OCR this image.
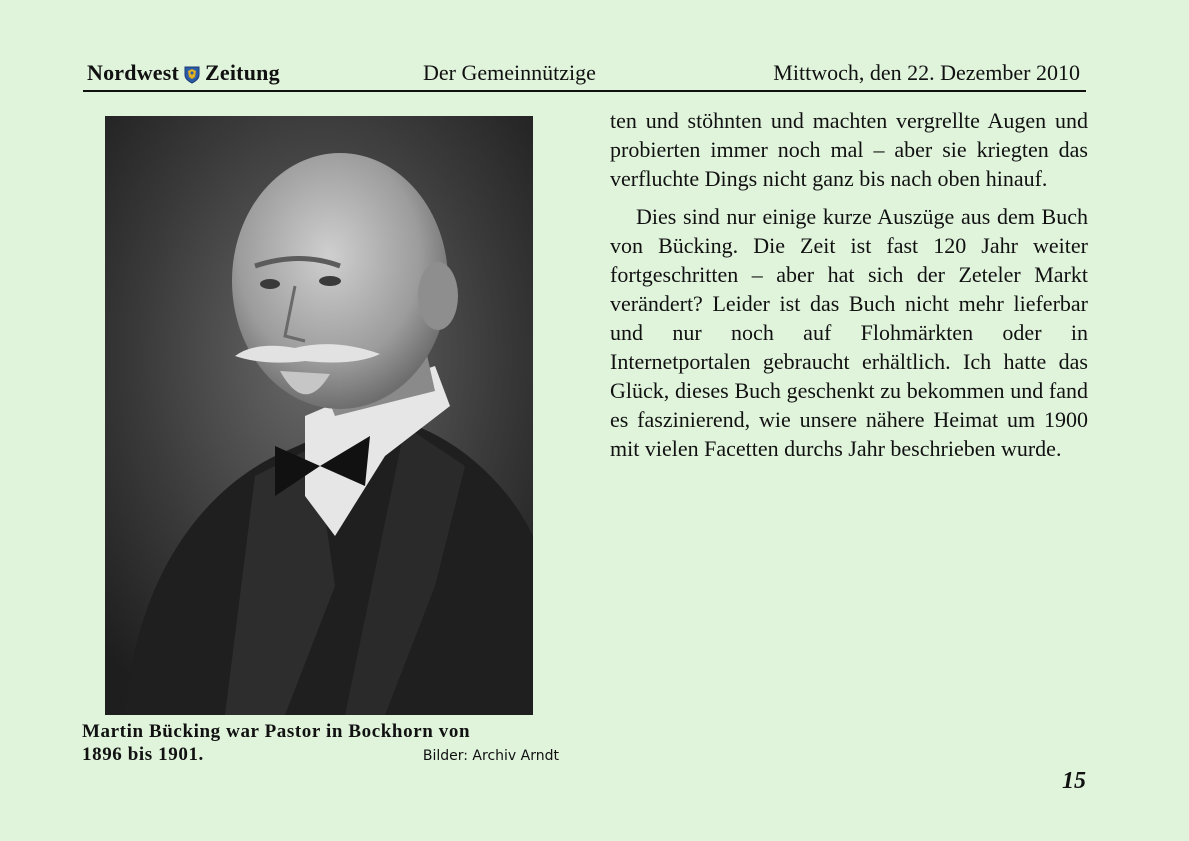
Nordwest Zeitung	Der Gemeinnützige	Mittwoch, den 22. Dezember 2010
Martin Bücking war Pastor in Bockhorn von
1896 bis 1901.	Bilder: Archiv Arndt

ten und stöhnten und machten vergrellte Augen und probierten immer noch mal – aber sie kriegten das verfluchte Dings nicht ganz bis nach oben hinauf.

Dies sind nur einige kurze Auszüge aus dem Buch von Bücking. Die Zeit ist fast 120 Jahr weiter fortgeschritten – aber hat sich der Zeteler Markt verändert? Leider ist das Buch nicht mehr lieferbar und nur noch auf Flohmärkten oder in Internetportalen gebraucht erhältlich. Ich hatte das Glück, dieses Buch geschenkt zu bekommen und fand es faszinierend, wie unsere nähere Heimat um 1900 mit vielen Facetten durchs Jahr beschrieben wurde.

15
